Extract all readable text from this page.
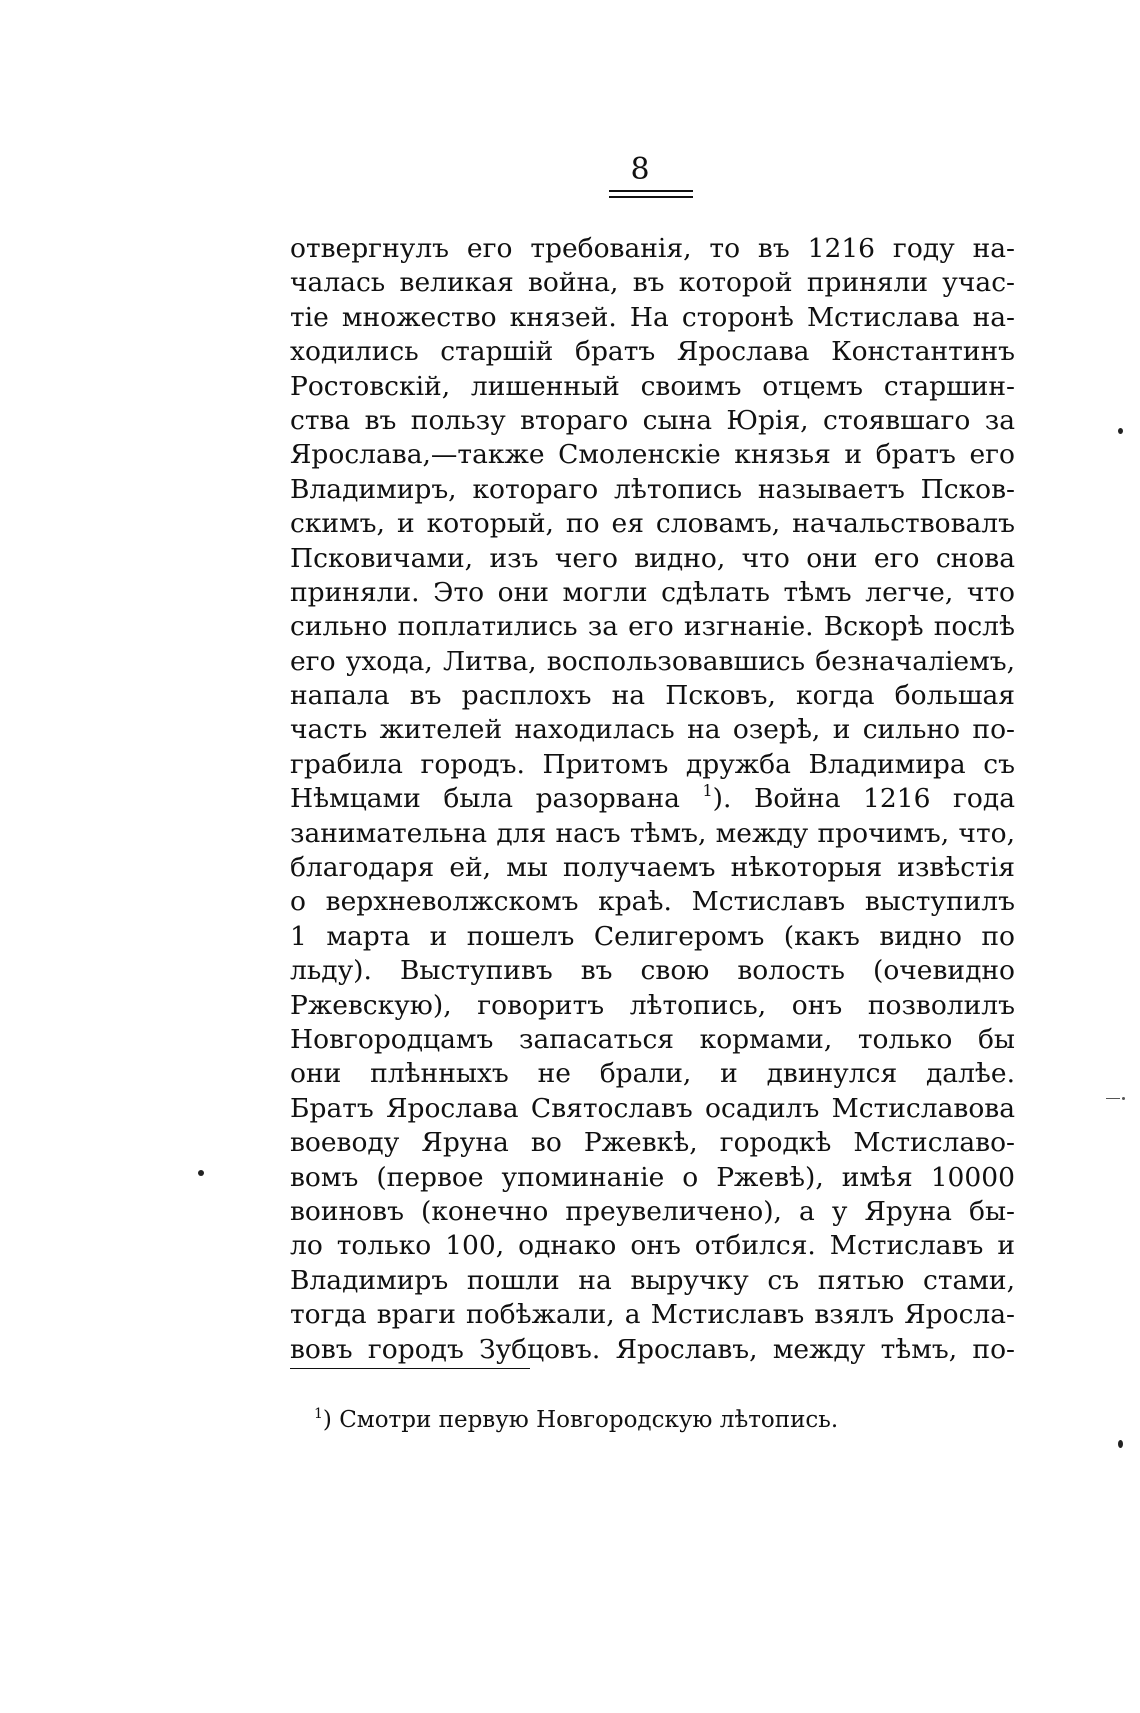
8
отвергнулъ его требованія, то въ 1216 году на-
чалась великая война, въ которой приняли учас-
тіе множество князей. На сторонѣ Мстислава на-
ходились старшій братъ Ярослава Константинъ
Ростовскій, лишенный своимъ отцемъ старшин-
ства въ пользу вторaго сына Юрія, стоявшаго за
Ярослава,—также Смоленскіе князья и братъ его
Владимиръ, котораго лѣтопись называетъ Псков-
скимъ, и который, по ея словамъ, начальствовалъ
Псковичами, изъ чего видно, что они его снова
приняли. Это они могли сдѣлать тѣмъ легче, что
сильно поплатились за его изгнаніе. Вскорѣ послѣ
его ухода, Литва, воспользовавшись безначаліемъ,
напала въ расплохъ на Псковъ, когда большая
часть жителей находилась на озерѣ, и сильно по-
грабила городъ. Притомъ дружба Владимира съ
Нѣмцами была разорвана $^1$). Война 1216 года
занимательна для насъ тѣмъ, между прочимъ, что,
благодаря ей, мы получаемъ нѣкоторыя извѣстія
о верхневолжскомъ краѣ. Мстиславъ выступилъ
1 марта и пошелъ Селигеромъ (какъ видно по
льду). Выступивъ въ свою волость (очевидно
Ржевскую), говоритъ лѣтопись, онъ позволилъ
Новгородцамъ запасаться кормами, только бы
они плѣнныхъ не брали, и двинулся далѣе.
Братъ Ярослава Святославъ осадилъ Мстиславова
воеводу Яруна во Ржевкѣ, городкѣ Мстиславо-
вомъ (первое упоминаніе о Ржевѣ), имѣя 10000
воиновъ (конечно преувеличено), а у Яруна бы-
ло только 100, однако онъ отбился. Мстиславъ и
Владимиръ пошли на выручку съ пятью стами,
тогда враги побѣжали, а Мстиславъ взялъ Яросла-
вовъ городъ Зубцовъ. Ярославъ, между тѣмъ, по-
$^1$) Смотри первую Новгородскую лѣтопись.
